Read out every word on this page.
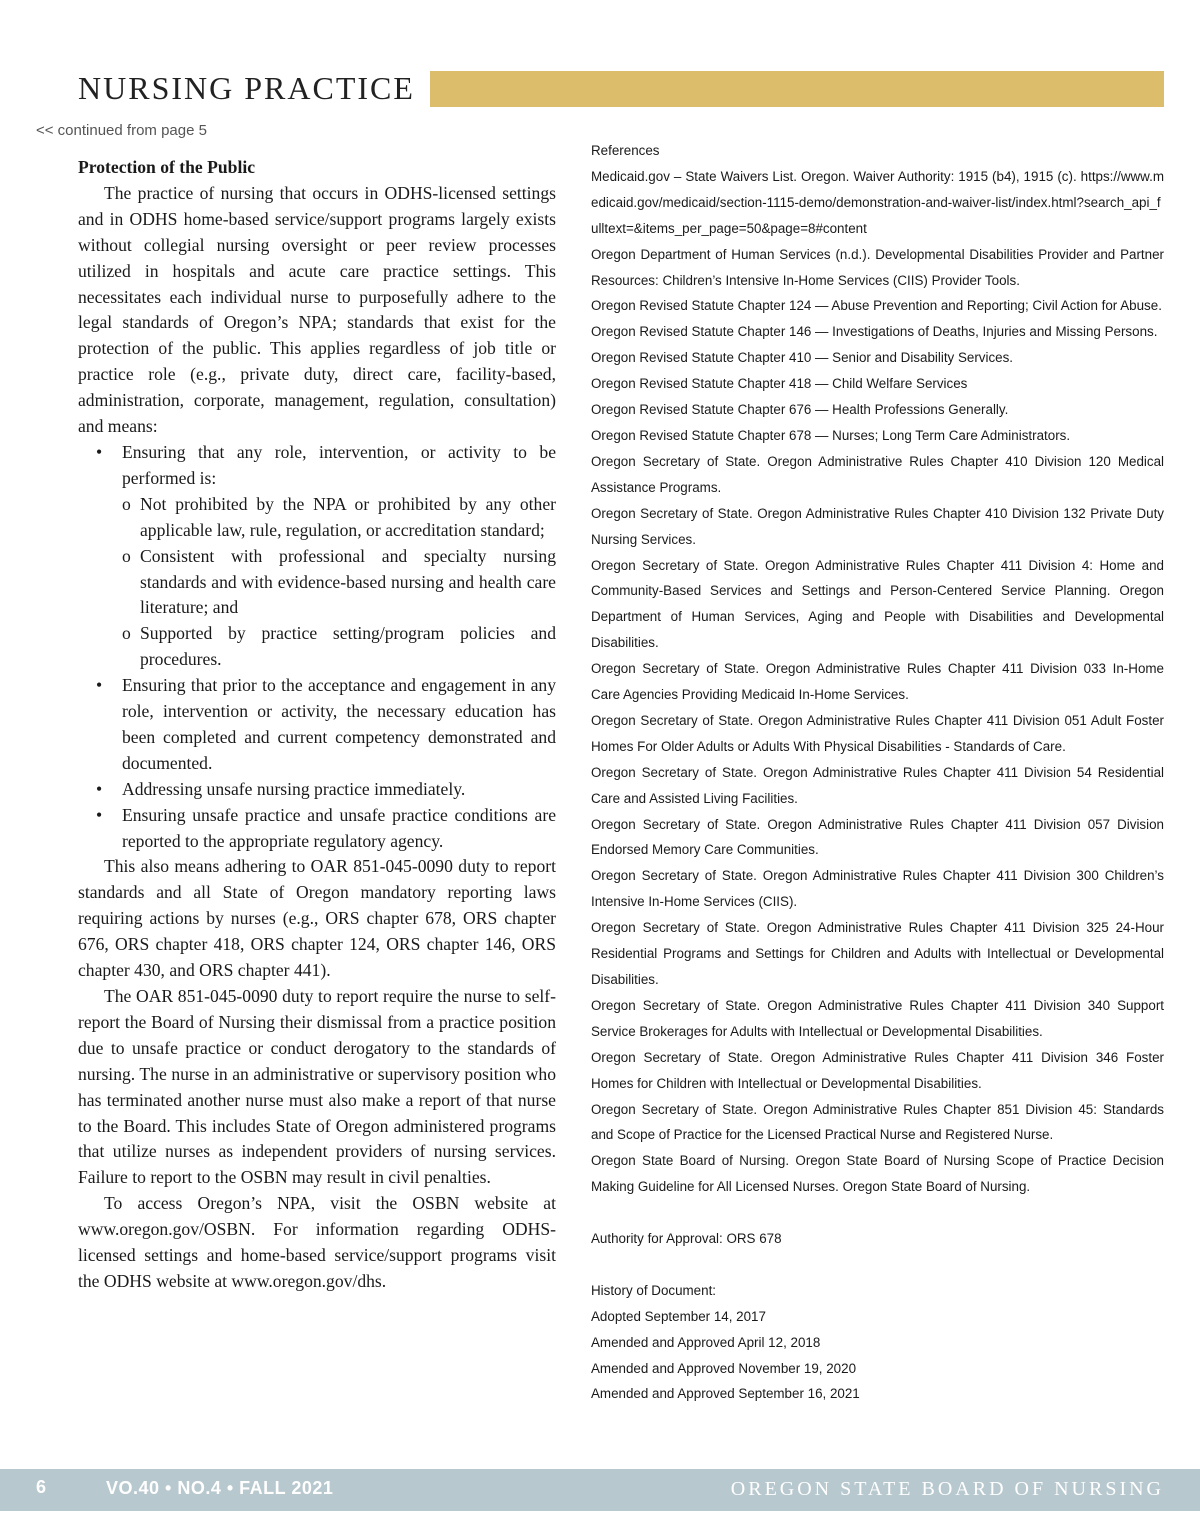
NURSING PRACTICE
<< continued from page 5

Protection of the Public

The practice of nursing that occurs in ODHS-licensed settings and in ODHS home-based service/support programs largely exists without collegial nursing oversight or peer review processes utilized in hospitals and acute care practice settings. This necessitates each individual nurse to purposefully adhere to the legal standards of Oregon’s NPA; standards that exist for the protection of the public. This applies regardless of job title or practice role (e.g., private duty, direct care, facility-based, administration, corporate, management, regulation, consultation) and means:

• Ensuring that any role, intervention, or activity to be performed is:
o Not prohibited by the NPA or prohibited by any other applicable law, rule, regulation, or accreditation standard;
o Consistent with professional and specialty nursing standards and with evidence-based nursing and health care literature; and
o Supported by practice setting/program policies and procedures.
• Ensuring that prior to the acceptance and engagement in any role, intervention or activity, the necessary education has been completed and current competency demonstrated and documented.
• Addressing unsafe nursing practice immediately.
• Ensuring unsafe practice and unsafe practice conditions are reported to the appropriate regulatory agency.

This also means adhering to OAR 851-045-0090 duty to report standards and all State of Oregon mandatory reporting laws requiring actions by nurses (e.g., ORS chapter 678, ORS chapter 676, ORS chapter 418, ORS chapter 124, ORS chapter 146, ORS chapter 430, and ORS chapter 441).

The OAR 851-045-0090 duty to report require the nurse to self-report the Board of Nursing their dismissal from a practice position due to unsafe practice or conduct derogatory to the standards of nursing. The nurse in an administrative or supervisory position who has terminated another nurse must also make a report of that nurse to the Board. This includes State of Oregon administered programs that utilize nurses as independent providers of nursing services. Failure to report to the OSBN may result in civil penalties.

To access Oregon’s NPA, visit the OSBN website at www.oregon.gov/OSBN. For information regarding ODHS-licensed settings and home-based service/support programs visit the ODHS website at www.oregon.gov/dhs.

References

Medicaid.gov – State Waivers List. Oregon. Waiver Authority: 1915 (b4), 1915 (c). https://www.medicaid.gov/medicaid/section-1115-demo/demonstration-and-waiver-list/index.html?search_api_fulltext=&items_per_page=50&page=8#content

Oregon Department of Human Services (n.d.). Developmental Disabilities Provider and Partner Resources: Children’s Intensive In-Home Services (CIIS) Provider Tools.

Oregon Revised Statute Chapter 124 — Abuse Prevention and Reporting; Civil Action for Abuse.

Oregon Revised Statute Chapter 146 — Investigations of Deaths, Injuries and Missing Persons.

Oregon Revised Statute Chapter 410 — Senior and Disability Services.

Oregon Revised Statute Chapter 418 — Child Welfare Services

Oregon Revised Statute Chapter 676 — Health Professions Generally.

Oregon Revised Statute Chapter 678 — Nurses; Long Term Care Administrators.

Oregon Secretary of State. Oregon Administrative Rules Chapter 410 Division 120 Medical Assistance Programs.

Oregon Secretary of State. Oregon Administrative Rules Chapter 410 Division 132 Private Duty Nursing Services.

Oregon Secretary of State. Oregon Administrative Rules Chapter 411 Division 4: Home and Community-Based Services and Settings and Person-Centered Service Planning. Oregon Department of Human Services, Aging and People with Disabilities and Developmental Disabilities.

Oregon Secretary of State. Oregon Administrative Rules Chapter 411 Division 033 In-Home Care Agencies Providing Medicaid In-Home Services.

Oregon Secretary of State. Oregon Administrative Rules Chapter 411 Division 051 Adult Foster Homes For Older Adults or Adults With Physical Disabilities - Standards of Care.

Oregon Secretary of State. Oregon Administrative Rules Chapter 411 Division 54 Residential Care and Assisted Living Facilities.

Oregon Secretary of State. Oregon Administrative Rules Chapter 411 Division 057 Division Endorsed Memory Care Communities.

Oregon Secretary of State. Oregon Administrative Rules Chapter 411 Division 300 Children’s Intensive In-Home Services (CIIS).

Oregon Secretary of State. Oregon Administrative Rules Chapter 411 Division 325 24-Hour Residential Programs and Settings for Children and Adults with Intellectual or Developmental Disabilities.

Oregon Secretary of State. Oregon Administrative Rules Chapter 411 Division 340 Support Service Brokerages for Adults with Intellectual or Developmental Disabilities.

Oregon Secretary of State. Oregon Administrative Rules Chapter 411 Division 346 Foster Homes for Children with Intellectual or Developmental Disabilities.

Oregon Secretary of State. Oregon Administrative Rules Chapter 851 Division 45: Standards and Scope of Practice for the Licensed Practical Nurse and Registered Nurse.

Oregon State Board of Nursing. Oregon State Board of Nursing Scope of Practice Decision Making Guideline for All Licensed Nurses. Oregon State Board of Nursing.

Authority for Approval: ORS 678

History of Document:

Adopted September 14, 2017

Amended and Approved April 12, 2018

Amended and Approved November 19, 2020

Amended and Approved September 16, 2021

6	VO.40 • NO.4 • FALL 2021	OREGON STATE BOARD OF NURSING
